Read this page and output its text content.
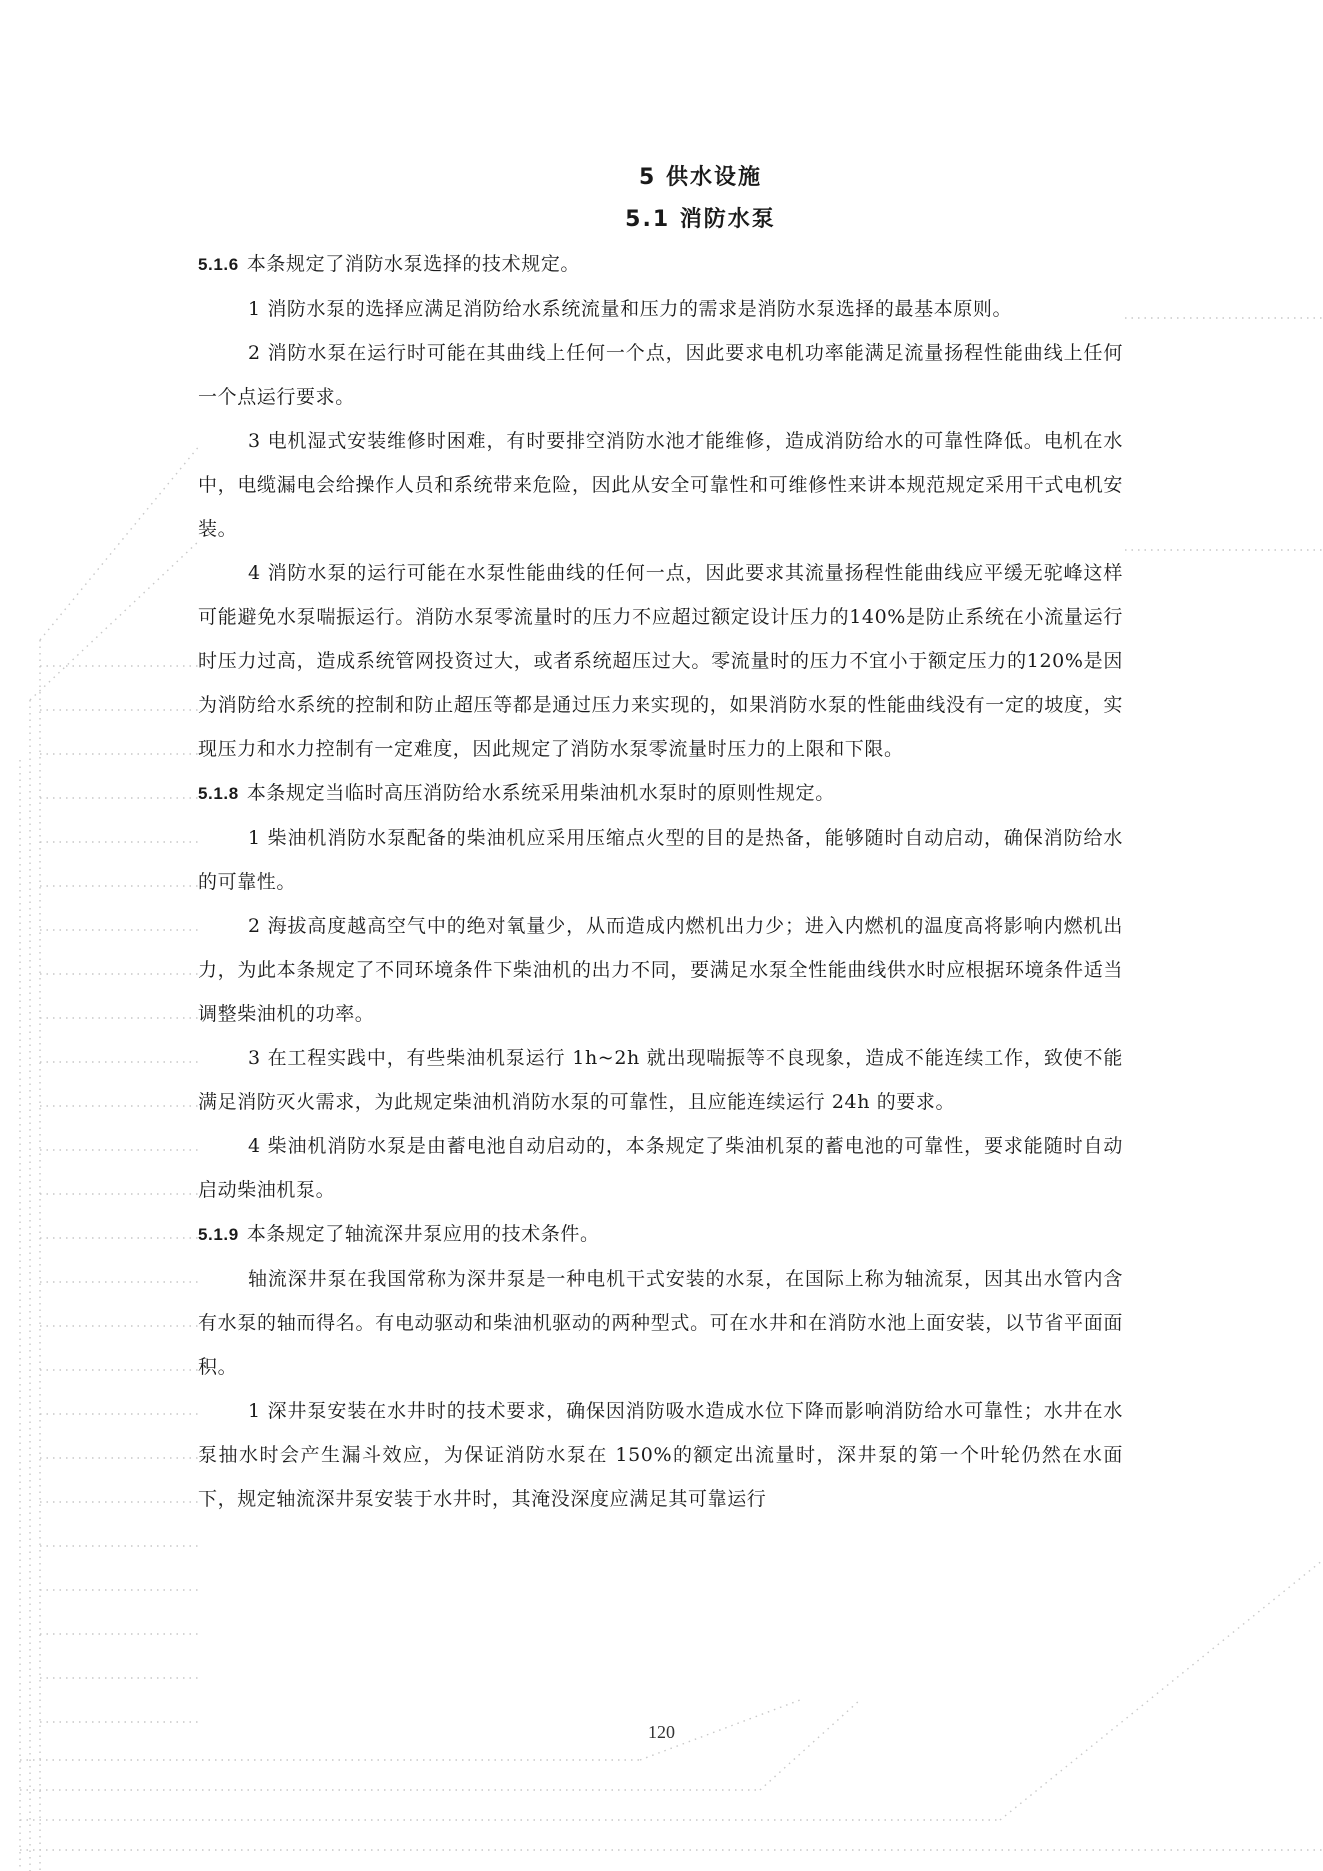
5 供水设施
5.1 消防水泵

5.1.6 本条规定了消防水泵选择的技术规定。

1 消防水泵的选择应满足消防给水系统流量和压力的需求是消防水泵选择的最基本原则。

2 消防水泵在运行时可能在其曲线上任何一个点，因此要求电机功率能满足流量扬程性能曲线上任何一个点运行要求。

3 电机湿式安装维修时困难，有时要排空消防水池才能维修，造成消防给水的可靠性降低。电机在水中，电缆漏电会给操作人员和系统带来危险，因此从安全可靠性和可维修性来讲本规范规定采用干式电机安装。

4 消防水泵的运行可能在水泵性能曲线的任何一点，因此要求其流量扬程性能曲线应平缓无驼峰这样可能避免水泵喘振运行。消防水泵零流量时的压力不应超过额定设计压力的140%是防止系统在小流量运行时压力过高，造成系统管网投资过大，或者系统超压过大。零流量时的压力不宜小于额定压力的120%是因为消防给水系统的控制和防止超压等都是通过压力来实现的，如果消防水泵的性能曲线没有一定的坡度，实现压力和水力控制有一定难度，因此规定了消防水泵零流量时压力的上限和下限。

5.1.8 本条规定当临时高压消防给水系统采用柴油机水泵时的原则性规定。

1 柴油机消防水泵配备的柴油机应采用压缩点火型的目的是热备，能够随时自动启动，确保消防给水的可靠性。

2 海拔高度越高空气中的绝对氧量少，从而造成内燃机出力少；进入内燃机的温度高将影响内燃机出力，为此本条规定了不同环境条件下柴油机的出力不同，要满足水泵全性能曲线供水时应根据环境条件适当调整柴油机的功率。

3 在工程实践中，有些柴油机泵运行 1h~2h 就出现喘振等不良现象，造成不能连续工作，致使不能满足消防灭火需求，为此规定柴油机消防水泵的可靠性，且应能连续运行 24h 的要求。

4 柴油机消防水泵是由蓄电池自动启动的，本条规定了柴油机泵的蓄电池的可靠性，要求能随时自动启动柴油机泵。

5.1.9 本条规定了轴流深井泵应用的技术条件。

轴流深井泵在我国常称为深井泵是一种电机干式安装的水泵，在国际上称为轴流泵，因其出水管内含有水泵的轴而得名。有电动驱动和柴油机驱动的两种型式。可在水井和在消防水池上面安装，以节省平面面积。

1 深井泵安装在水井时的技术要求，确保因消防吸水造成水位下降而影响消防给水可靠性；水井在水泵抽水时会产生漏斗效应，为保证消防水泵在 150%的额定出流量时，深井泵的第一个叶轮仍然在水面下，规定轴流深井泵安装于水井时，其淹没深度应满足其可靠运行

120
